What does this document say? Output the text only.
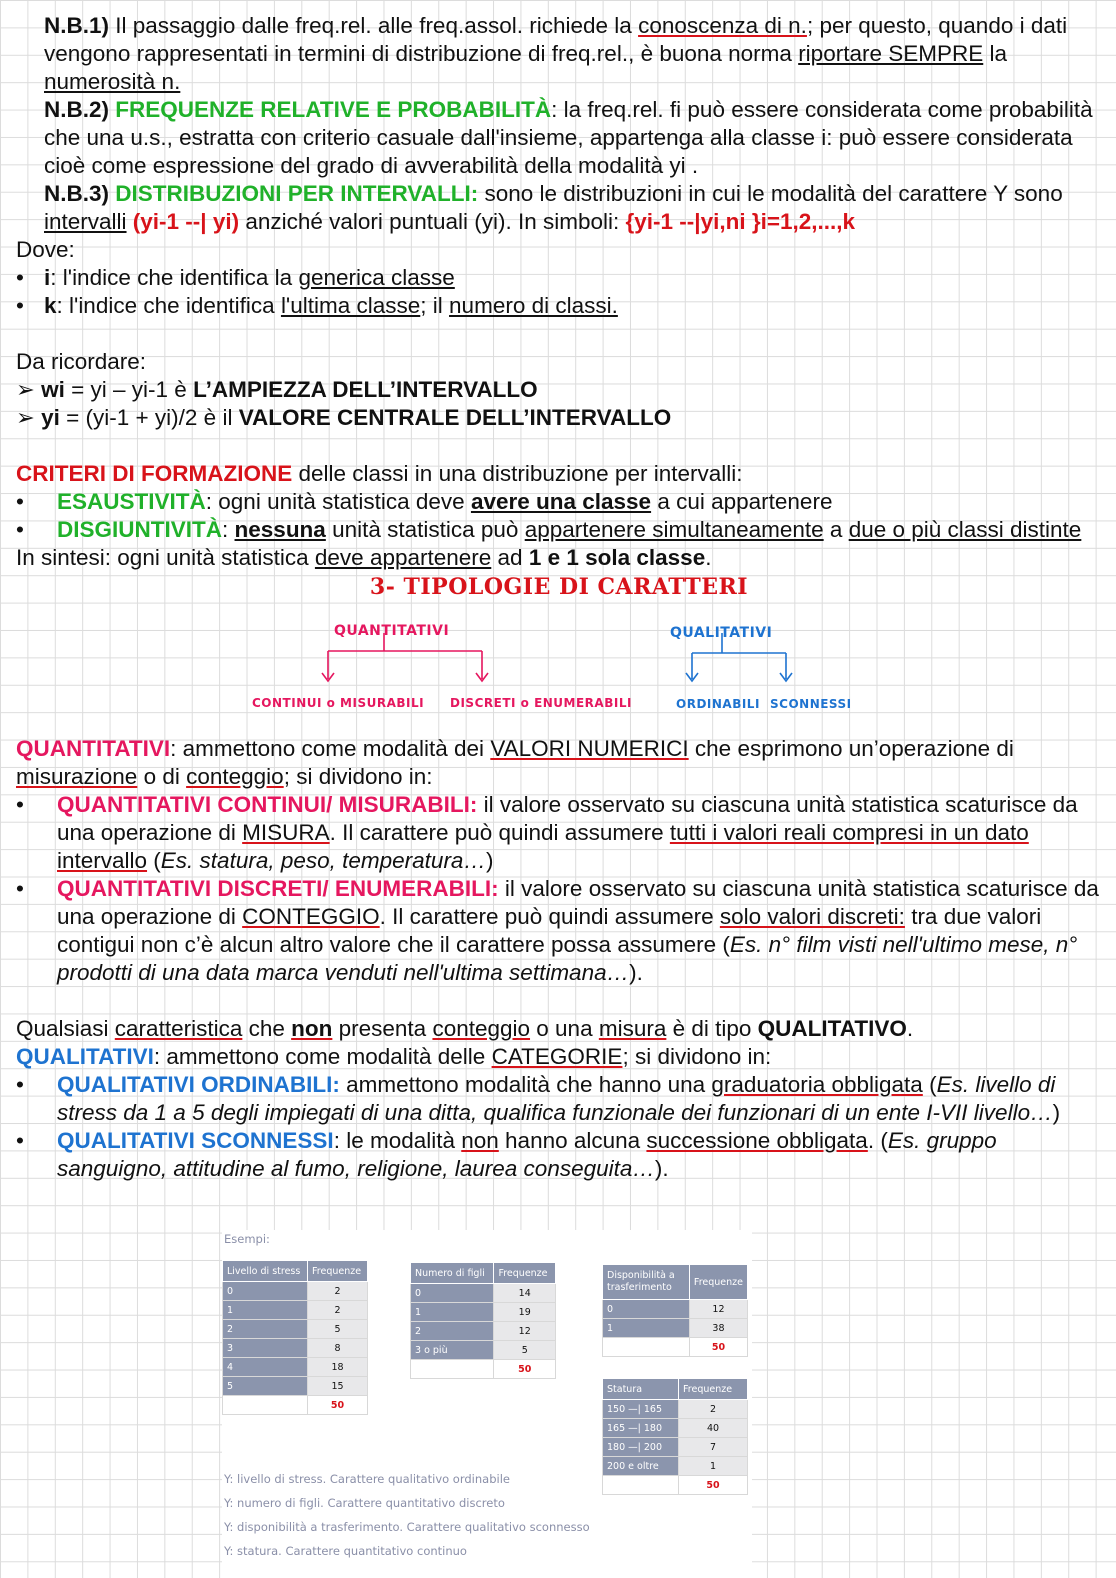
N.B.1) Il passaggio dalle freq.rel. alle freq.assol. richiede la conoscenza di n.; per questo, quando i dati vengono rappresentati in termini di distribuzione di freq.rel., è buona norma riportare SEMPRE la numerosità n.

N.B.2) FREQUENZE RELATIVE E PROBABILITÀ: la freq.rel. fi può essere considerata come probabilità che una u.s., estratta con criterio casuale dall'insieme, appartenga alla classe i: può essere considerata cioè come espressione del grado di avverabilità della modalità yi .

N.B.3) DISTRIBUZIONI PER INTERVALLI: sono le distribuzioni in cui le modalità del carattere Y sono intervalli (yi-1 --| yi) anziché valori puntuali (yi). In simboli: {yi-1 --|yi,ni }i=1,2,...,k

Dove:

• i: l'indice che identifica la generica classe
• k: l'indice che identifica l'ultima classe; il numero di classi.

Da ricordare:

➢ wi = yi – yi-1 è L’AMPIEZZA DELL’INTERVALLO

➢ yi = (yi-1 + yi)/2 è il VALORE CENTRALE DELL’INTERVALLO

CRITERI DI FORMAZIONE delle classi in una distribuzione per intervalli:

•	ESAUSTIVITÀ: ogni unità statistica deve avere una classe a cui appartenere
•	DISGIUNTIVITÀ: nessuna unità statistica può appartenere simultaneamente a due o più classi distinte

In sintesi: ogni unità statistica deve appartenere ad 1 e 1 sola classe.

3- TIPOLOGIE DI CARATTERI

QUANTITATIVI	QUALITATIVI
CONTINUI o MISURABILI DISCRETI o ENUMERABILI	ORDINABILI SCONNESSI

QUANTITATIVI: ammettono come modalità dei VALORI NUMERICI che esprimono un’operazione di misurazione o di conteggio; si dividono in:

•	QUANTITATIVI CONTINUI/ MISURABILI: il valore osservato su ciascuna unità statistica scaturisce da una operazione di MISURA. Il carattere può quindi assumere tutti i valori reali compresi in un dato intervallo (Es. statura, peso, temperatura…)
•	QUANTITATIVI DISCRETI/ ENUMERABILI: il valore osservato su ciascuna unità statistica scaturisce da una operazione di CONTEGGIO. Il carattere può quindi assumere solo valori discreti: tra due valori contigui non c’è alcun altro valore che il carattere possa assumere (Es. n° film visti nell'ultimo mese, n° prodotti di una data marca venduti nell'ultima settimana…).

Qualsiasi caratteristica che non presenta conteggio o una misura è di tipo QUALITATIVO.

QUALITATIVI: ammettono come modalità delle CATEGORIE; si dividono in:

•	QUALITATIVI ORDINABILI: ammettono modalità che hanno una graduatoria obbligata (Es. livello di stress da 1 a 5 degli impiegati di una ditta, qualifica funzionale dei funzionari di un ente I-VII livello…)
•	QUALITATIVI SCONNESSI: le modalità non hanno alcuna successione obbligata. (Es. gruppo sanguigno, attitudine al fumo, religione, laurea conseguita…).
Esempi:
Livello di stress	Frequenze
0	2
1	2
2	5
3	8
4	18
5	15
	50
Numero di figli	Frequenze
0	14
1	19
2	12
3 o più	5
	50
Disponibilità a trasferimento	Frequenze
0	12
1	38
	50
Statura	Frequenze
150 —| 165	2
165 —| 180	40
180 —| 200	7
200 e oltre	1
	50
Y: livello di stress. Carattere qualitativo ordinabile
Y: numero di figli. Carattere quantitativo discreto
Y: disponibilità a trasferimento. Carattere qualitativo sconnesso
Y: statura. Carattere quantitativo continuo
